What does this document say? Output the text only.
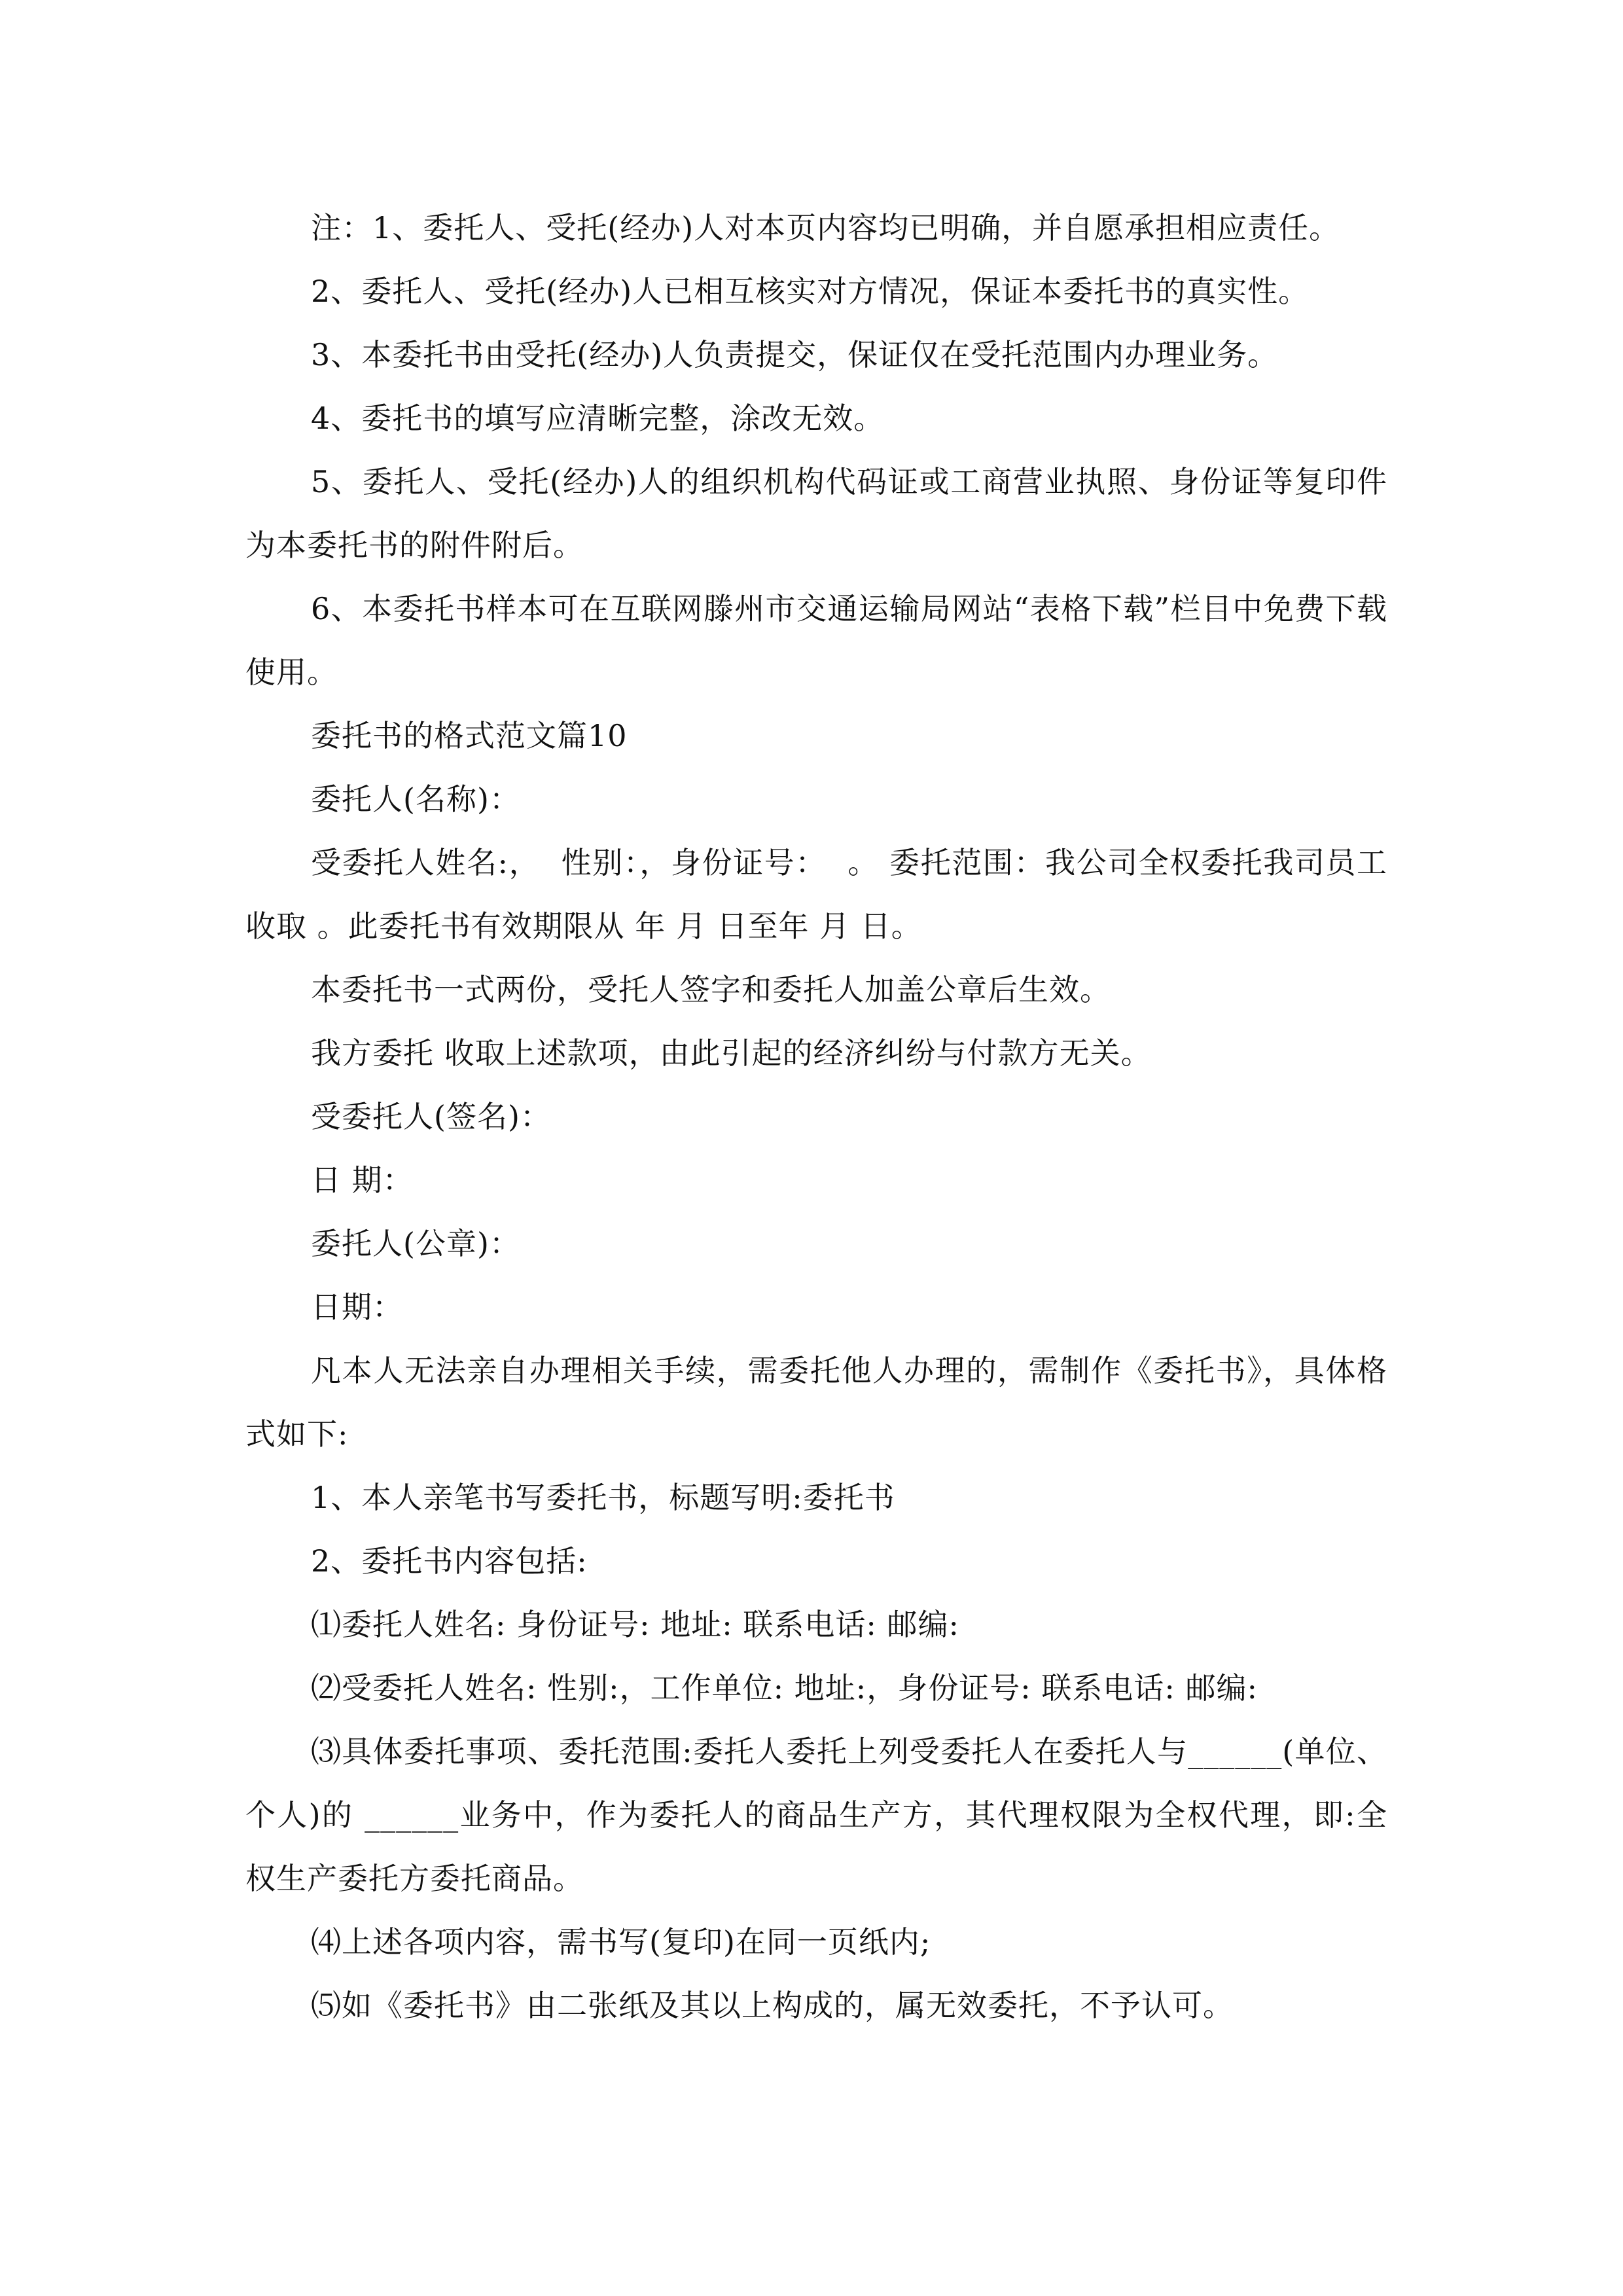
注：1、委托人、受托(经办)人对本页内容均已明确，并自愿承担相应责任。

2、委托人、受托(经办)人已相互核实对方情况，保证本委托书的真实性。

3、本委托书由受托(经办)人负责提交，保证仅在受托范围内办理业务。

4、委托书的填写应清晰完整，涂改无效。

5、委托人、受托(经办)人的组织机构代码证或工商营业执照、身份证等复印件为本委托书的附件附后。

6、本委托书样本可在互联网滕州市交通运输局网站“表格下载”栏目中免费下载使用。

委托书的格式范文篇10

委托人(名称)：

受委托人姓名:，  性别：，身份证号：  。 委托范围：我公司全权委托我司员工 收取 。此委托书有效期限从 年 月 日至年 月 日。

本委托书一式两份，受托人签字和委托人加盖公章后生效。

我方委托 收取上述款项，由此引起的经济纠纷与付款方无关。

受委托人(签名)：

日 期：

委托人(公章)：

日期：

凡本人无法亲自办理相关手续，需委托他人办理的，需制作《委托书》，具体格式如下:

1、本人亲笔书写委托书，标题写明:委托书

2、委托书内容包括:

⑴委托人姓名: 身份证号: 地址: 联系电话: 邮编:

⑵受委托人姓名: 性别:，工作单位: 地址:，身份证号: 联系电话: 邮编:

⑶具体委托事项、委托范围:委托人委托上列受委托人在委托人与______(单位、个人)的 ______业务中，作为委托人的商品生产方，其代理权限为全权代理，即:全权生产委托方委托商品。

⑷上述各项内容，需书写(复印)在同一页纸内;

⑸如《委托书》由二张纸及其以上构成的，属无效委托，不予认可。
